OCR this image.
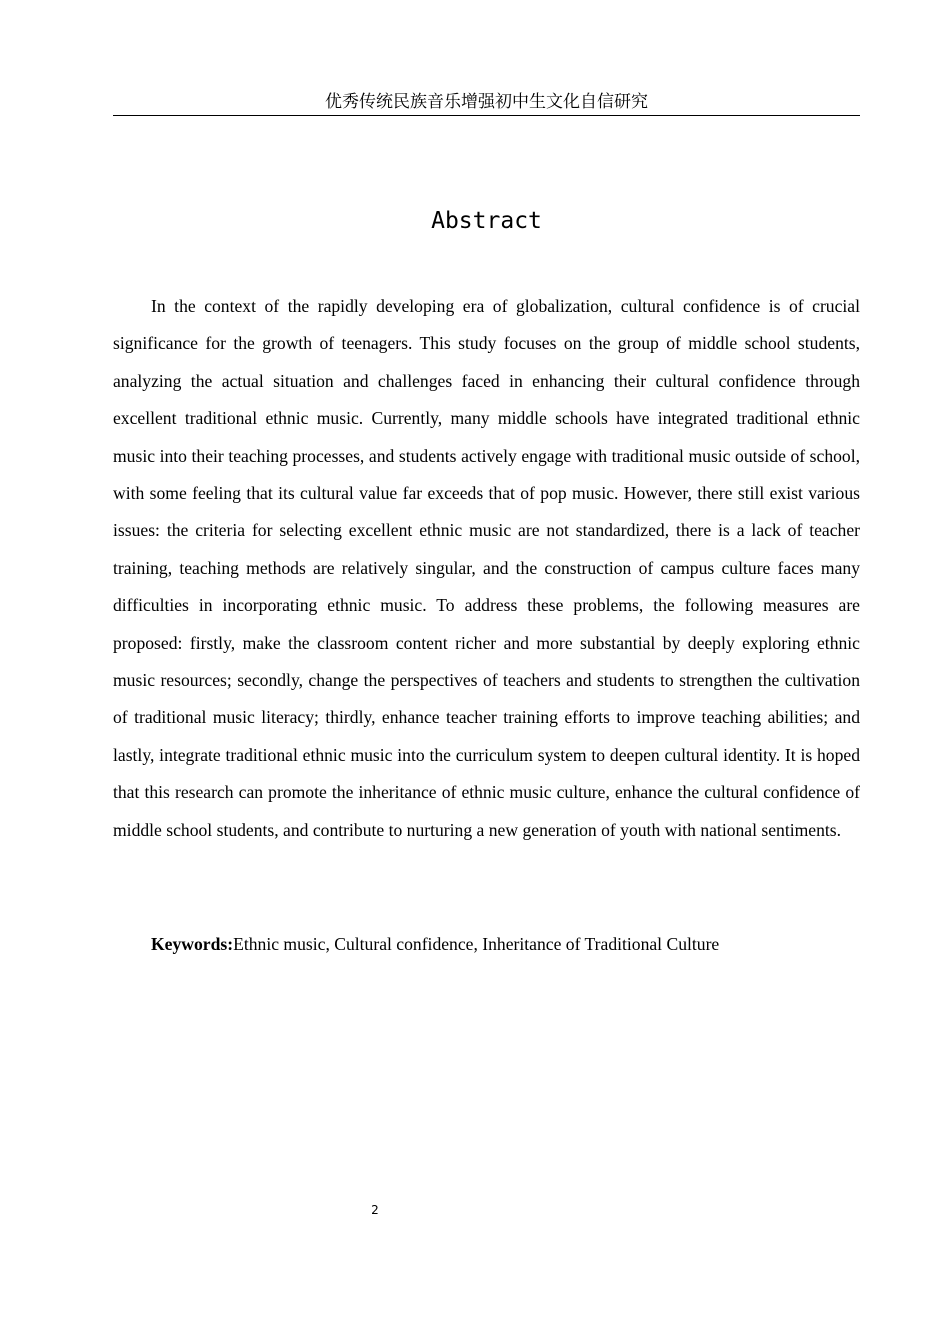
优秀传统民族音乐增强初中生文化自信研究
Abstract

In the context of the rapidly developing era of globalization, cultural confidence is of crucial significance for the growth of teenagers. This study focuses on the group of middle school students, analyzing the actual situation and challenges faced in enhancing their cultural confidence through excellent traditional ethnic music. Currently, many middle schools have integrated traditional ethnic music into their teaching processes, and students actively engage with traditional music outside of school, with some feeling that its cultural value far exceeds that of pop music. However, there still exist various issues: the criteria for selecting excellent ethnic music are not standardized, there is a lack of teacher training, teaching methods are relatively singular, and the construction of campus culture faces many difficulties in incorporating ethnic music. To address these problems, the following measures are proposed: firstly, make the classroom content richer and more substantial by deeply exploring ethnic music resources; secondly, change the perspectives of teachers and students to strengthen the cultivation of traditional music literacy; thirdly, enhance teacher training efforts to improve teaching abilities; and lastly, integrate traditional ethnic music into the curriculum system to deepen cultural identity. It is hoped that this research can promote the inheritance of ethnic music culture, enhance the cultural confidence of middle school students, and contribute to nurturing a new generation of youth with national sentiments.

Keywords:Ethnic music, Cultural confidence, Inheritance of Traditional Culture

2
